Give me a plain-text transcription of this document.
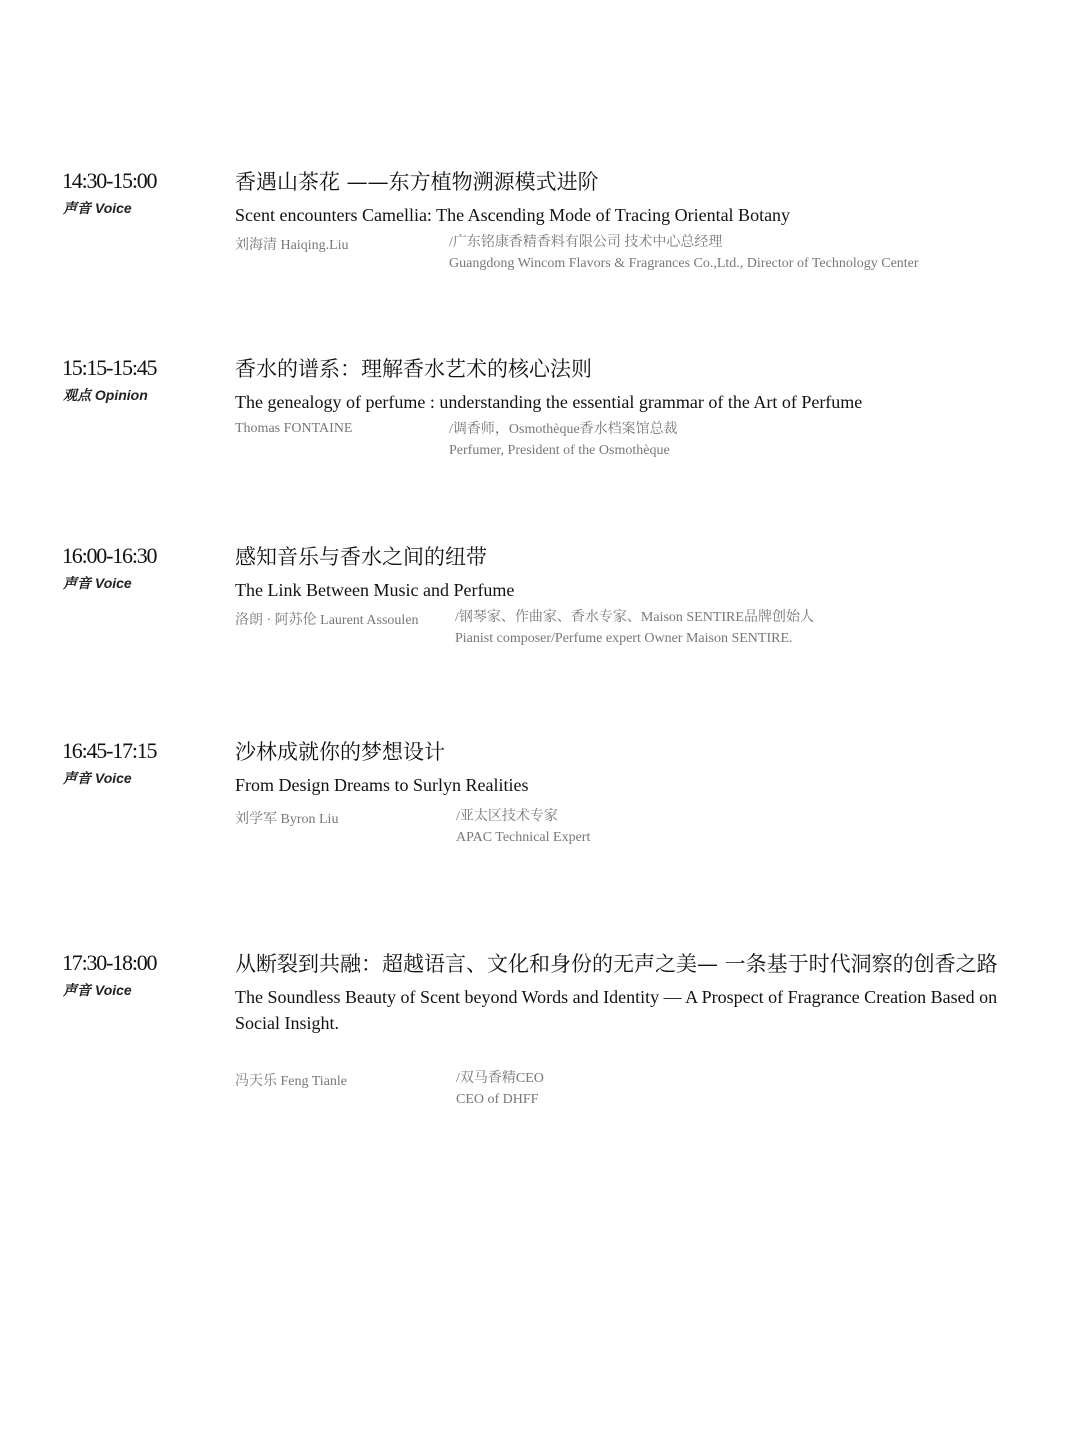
14:30-15:00
声音 Voice
香遇山茶花 ——东方植物溯源模式进阶
Scent encounters Camellia: The Ascending Mode of Tracing Oriental Botany
刘海清 Haiqing.Liu	/广东铭康香精香料有限公司 技术中心总经理
Guangdong Wincom Flavors & Fragrances Co.,Ltd., Director of Technology Center
15:15-15:45
观点 Opinion
香水的谱系：理解香水艺术的核心法则
The genealogy of perfume : understanding the essential grammar of the Art of Perfume
Thomas FONTAINE	/调香师，Osmothèque香水档案馆总裁
Perfumer, President of the Osmothèque
16:00-16:30
声音 Voice
感知音乐与香水之间的纽带
The Link Between Music and Perfume
洛朗 · 阿苏伦 Laurent Assoulen	/钢琴家、作曲家、香水专家、Maison SENTIRE品牌创始人
Pianist composer/Perfume expert Owner Maison SENTIRE.
16:45-17:15
声音 Voice
沙林成就你的梦想设计
From Design Dreams to Surlyn Realities
刘学军 Byron Liu	/亚太区技术专家
APAC Technical Expert
17:30-18:00
声音 Voice
从断裂到共融：超越语言、文化和身份的无声之美— 一条基于时代洞察的创香之路
The Soundless Beauty of Scent beyond Words and Identity — A Prospect of Fragrance Creation Based on Social Insight.
冯天乐 Feng Tianle	/双马香精CEO
CEO of DHFF
